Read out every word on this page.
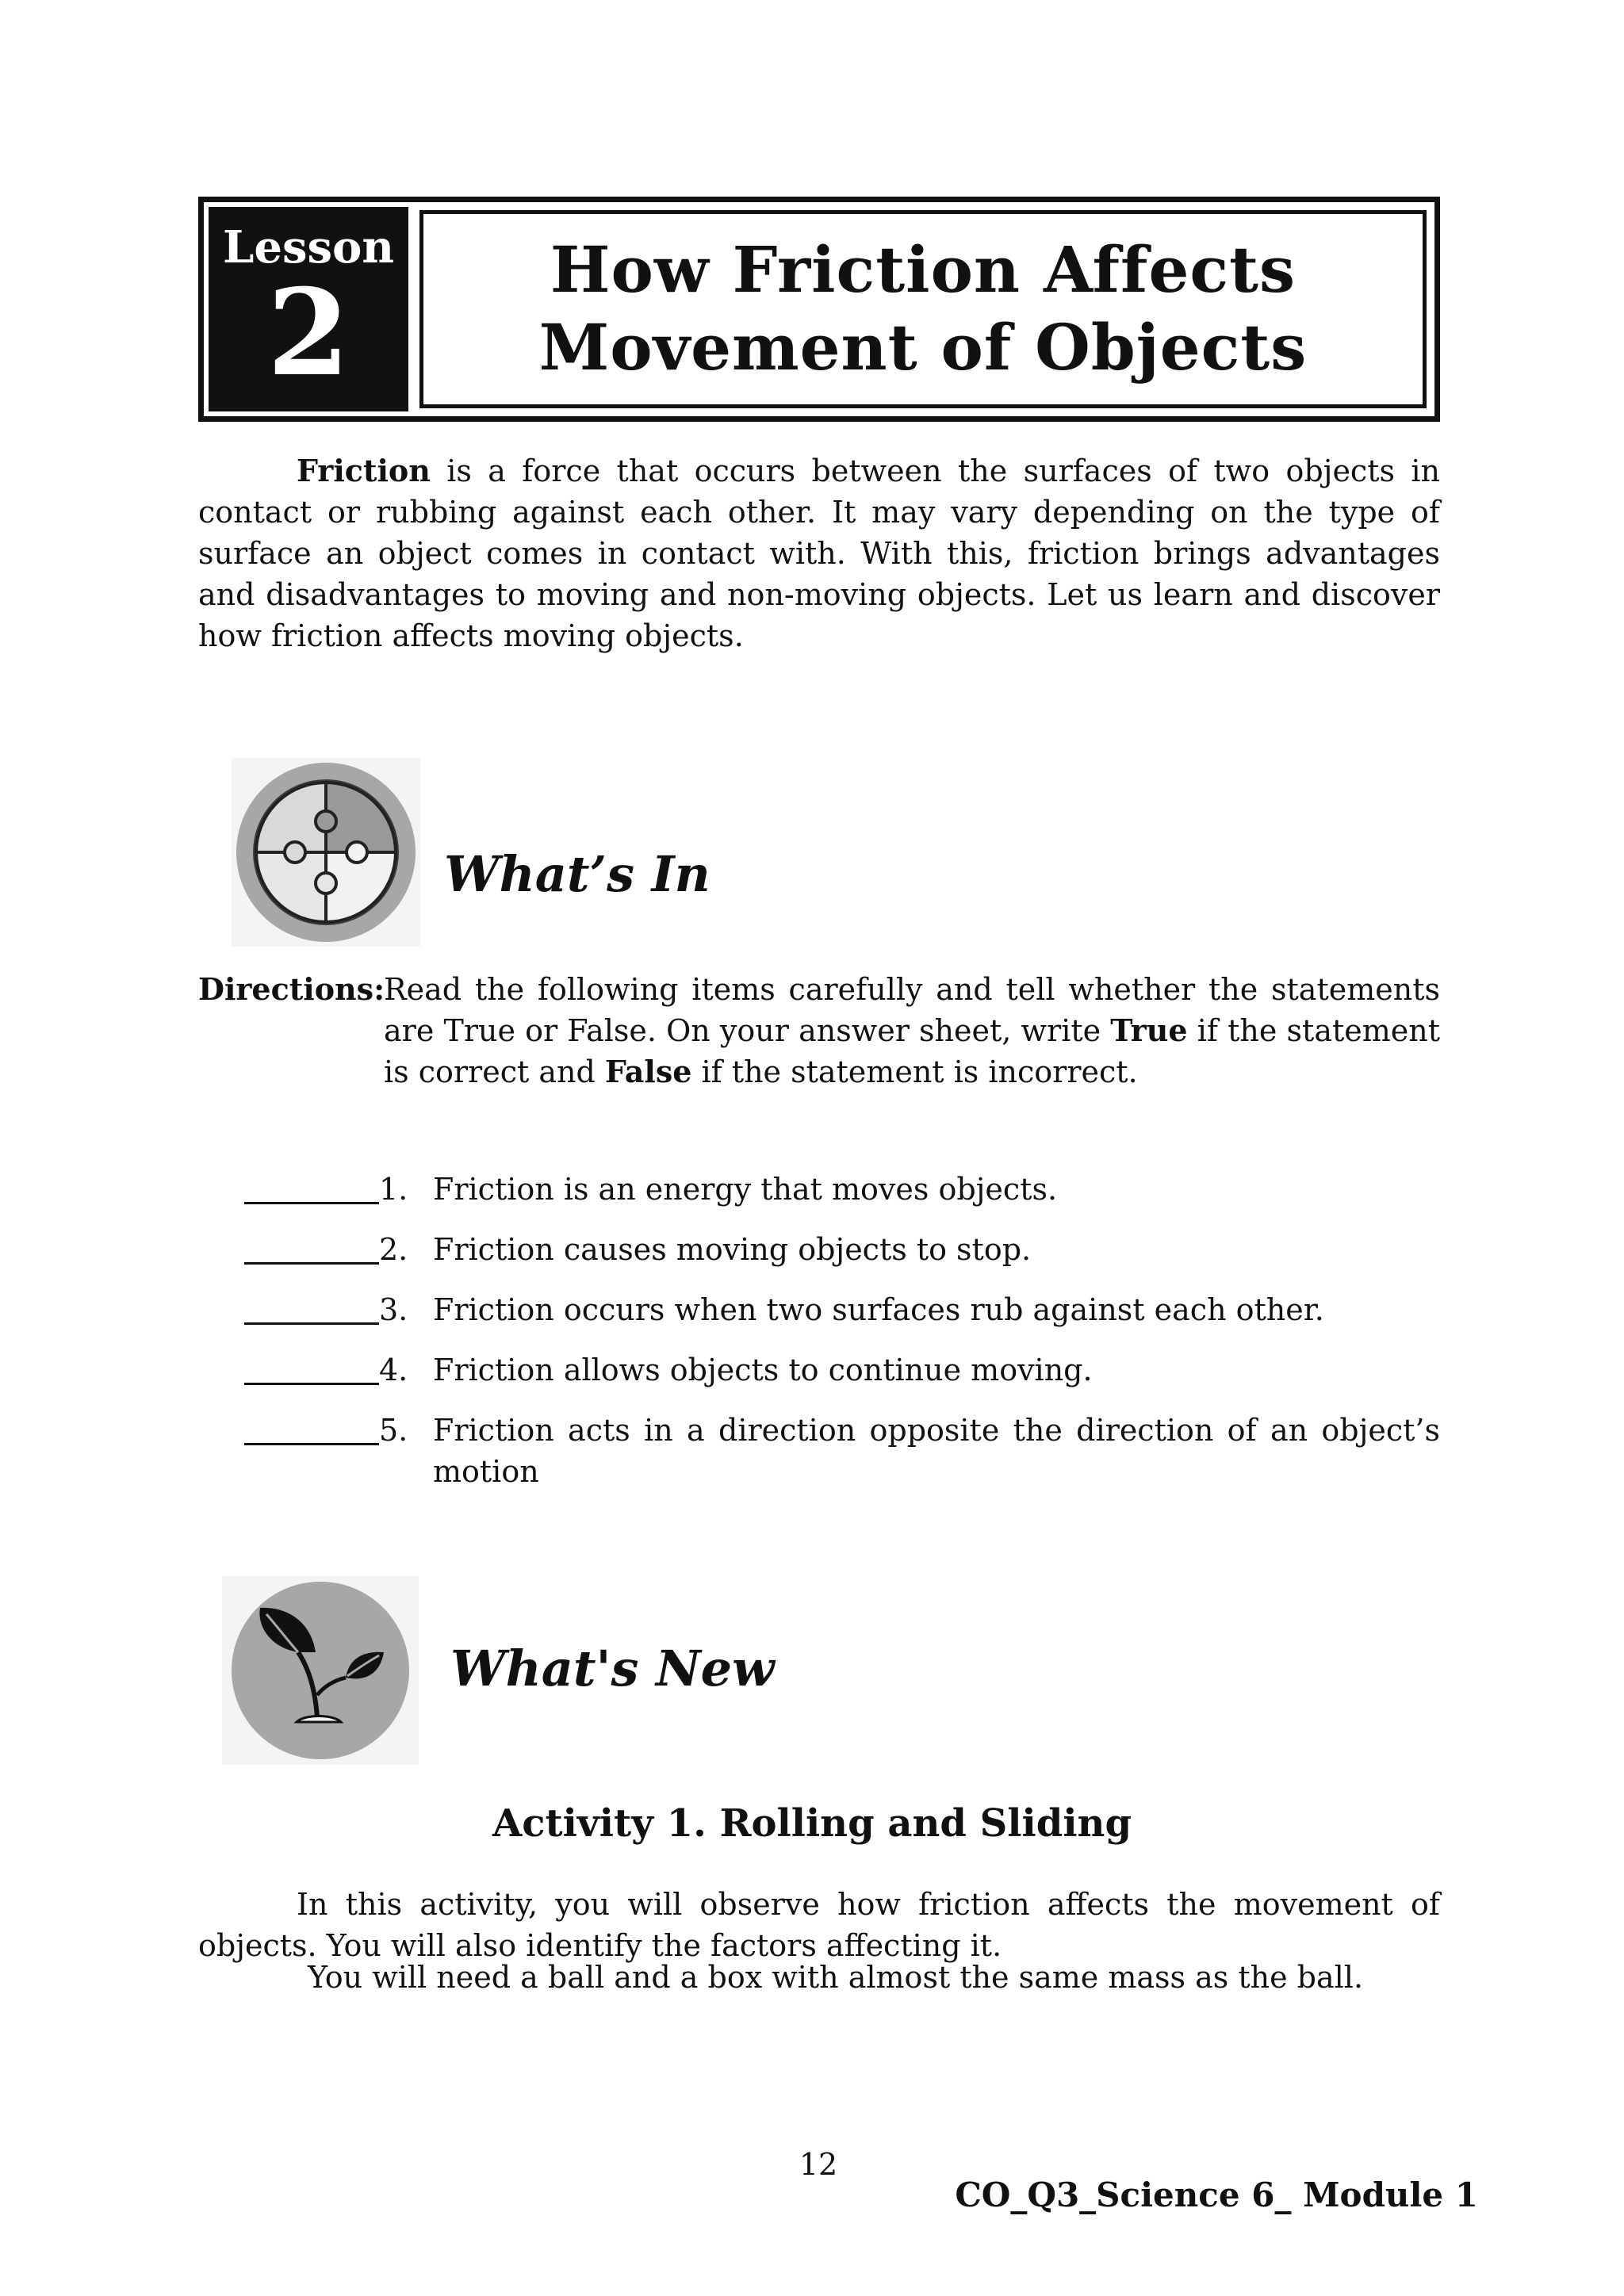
Lesson
2	How Friction Affects
Movement of Objects

Friction is a force that occurs between the surfaces of two objects in contact or rubbing against each other. It may vary depending on the type of surface an object comes in contact with. With this, friction brings advantages and disadvantages to moving and non-moving objects. Let us learn and discover how friction affects moving objects.

What’s In
Directions:

Read the following items carefully and tell whether the statements are True or False. On your answer sheet, write True if the statement is correct and False if the statement is incorrect.

1. Friction is an energy that moves objects.

2. Friction causes moving objects to stop.

3. Friction occurs when two surfaces rub against each other.

4. Friction allows objects to continue moving.

5. Friction acts in a direction opposite the direction of an object’s motion

What's New
Activity 1. Rolling and Sliding

In this activity, you will observe how friction affects the movement of objects. You will also identify the factors affecting it.

You will need a ball and a box with almost the same mass as the ball.

12
CO_Q3_Science 6_ Module 1
